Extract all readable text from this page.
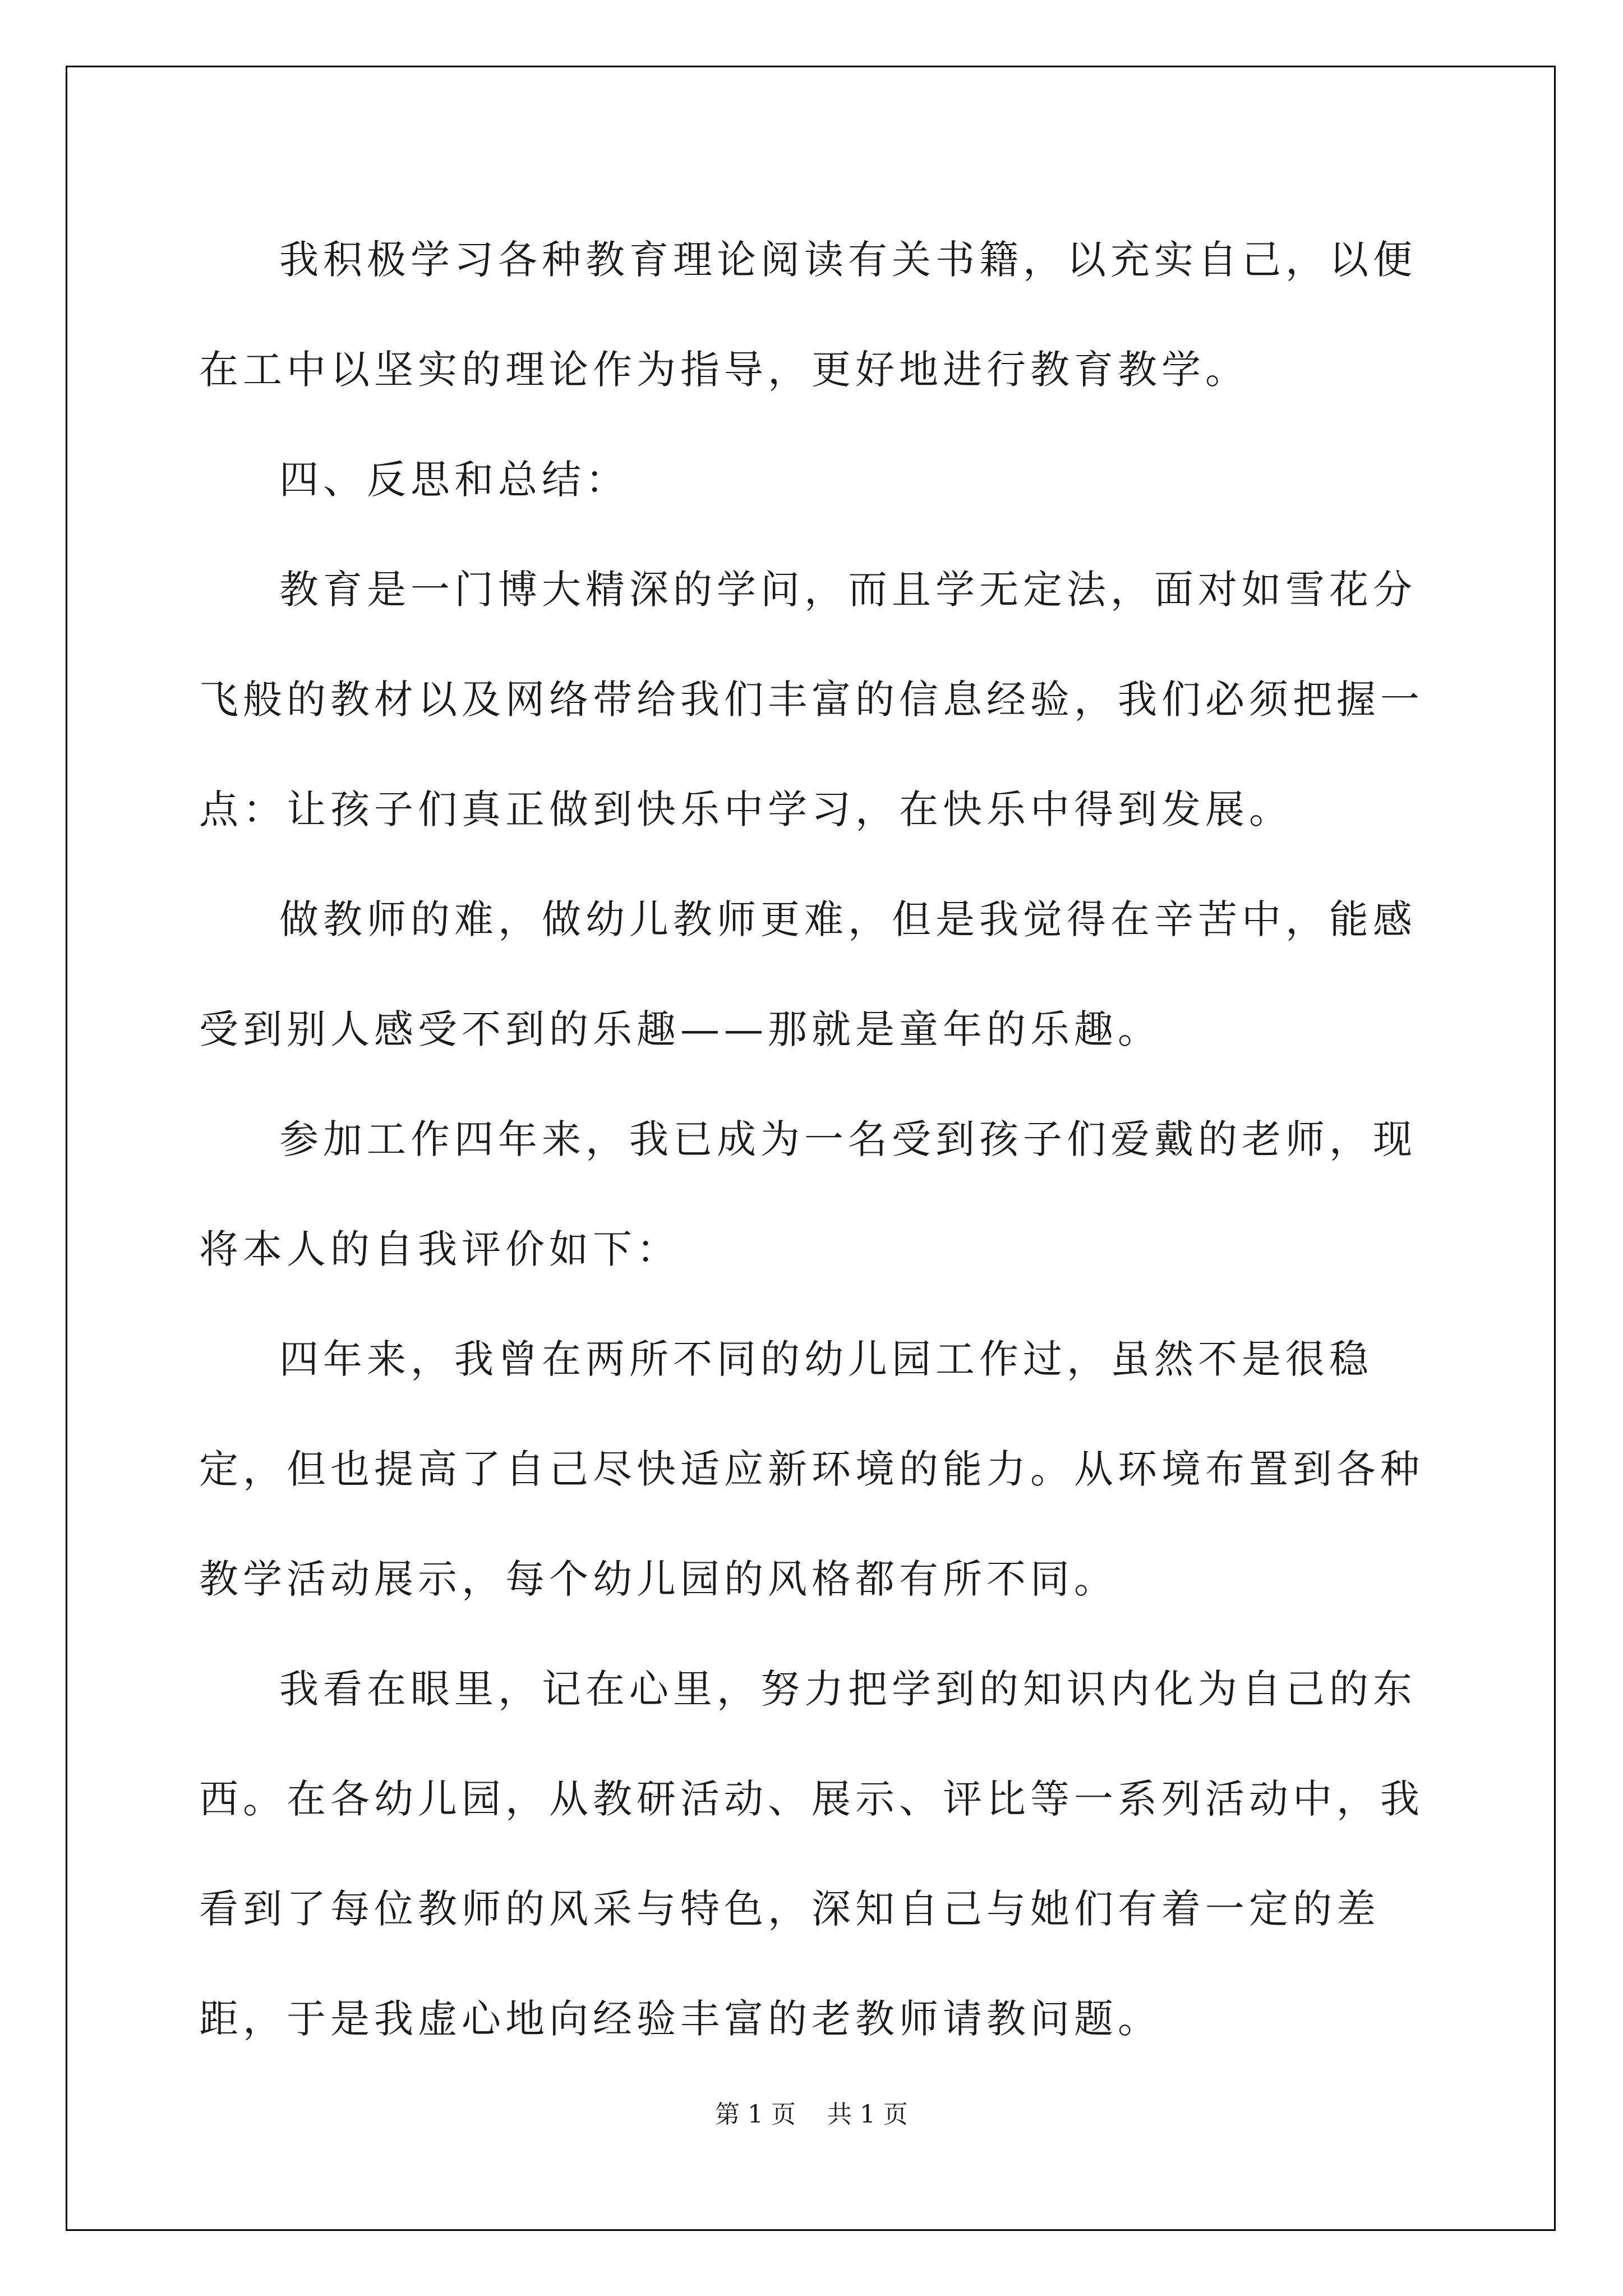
我积极学习各种教育理论阅读有关书籍，以充实自己，以便在工中以坚实的理论作为指导，更好地进行教育教学。

四、反思和总结：

教育是一门博大精深的学问，而且学无定法，面对如雪花分飞般的教材以及网络带给我们丰富的信息经验，我们必须把握一点：让孩子们真正做到快乐中学习，在快乐中得到发展。

做教师的难，做幼儿教师更难，但是我觉得在辛苦中，能感受到别人感受不到的乐趣——那就是童年的乐趣。

参加工作四年来，我已成为一名受到孩子们爱戴的老师，现将本人的自我评价如下：

四年来，我曾在两所不同的幼儿园工作过，虽然不是很稳定，但也提高了自己尽快适应新环境的能力。从环境布置到各种教学活动展示，每个幼儿园的风格都有所不同。

我看在眼里，记在心里，努力把学到的知识内化为自己的东西。在各幼儿园，从教研活动、展示、评比等一系列活动中，我看到了每位教师的风采与特色，深知自己与她们有着一定的差距，于是我虚心地向经验丰富的老教师请教问题。

第 1 页 共 1 页
